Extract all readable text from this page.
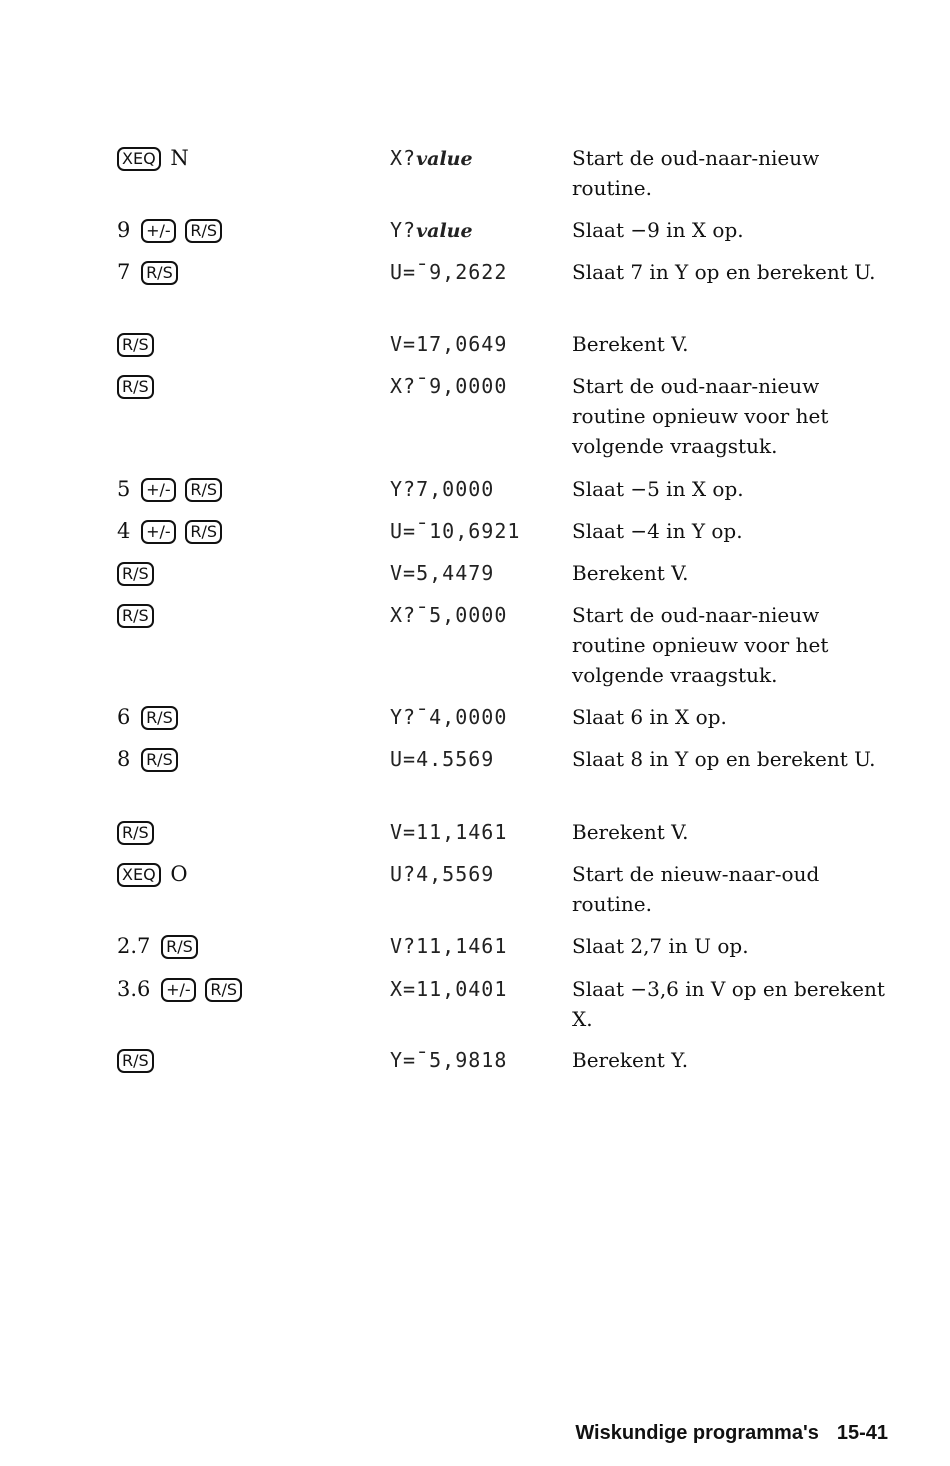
XEQ N	X?value	Start de oud-naar-nieuw routine.
9 +/- R/S	Y?value	Slaat −9 in X op.
7 R/S	U=¯9,2622	Slaat 7 in Y op en berekent U.
R/S	V=17,0649	Berekent V.
R/S	X?¯9,0000	Start de oud-naar-nieuw routine opnieuw voor het volgende vraagstuk.
5 +/- R/S	Y?7,0000	Slaat −5 in X op.
4 +/- R/S	U=¯10,6921	Slaat −4 in Y op.
R/S	V=5,4479	Berekent V.
R/S	X?¯5,0000	Start de oud-naar-nieuw routine opnieuw voor het volgende vraagstuk.
6 R/S	Y?¯4,0000	Slaat 6 in X op.
8 R/S	U=4.5569	Slaat 8 in Y op en berekent U.
R/S	V=11,1461	Berekent V.
XEQ O	U?4,5569	Start de nieuw-naar-oud routine.
2.7 R/S	V?11,1461	Slaat 2,7 in U op.
3.6 +/- R/S	X=11,0401	Slaat −3,6 in V op en berekent X.
R/S	Y=¯5,9818	Berekent Y.
Wiskundige programma's 15-41
